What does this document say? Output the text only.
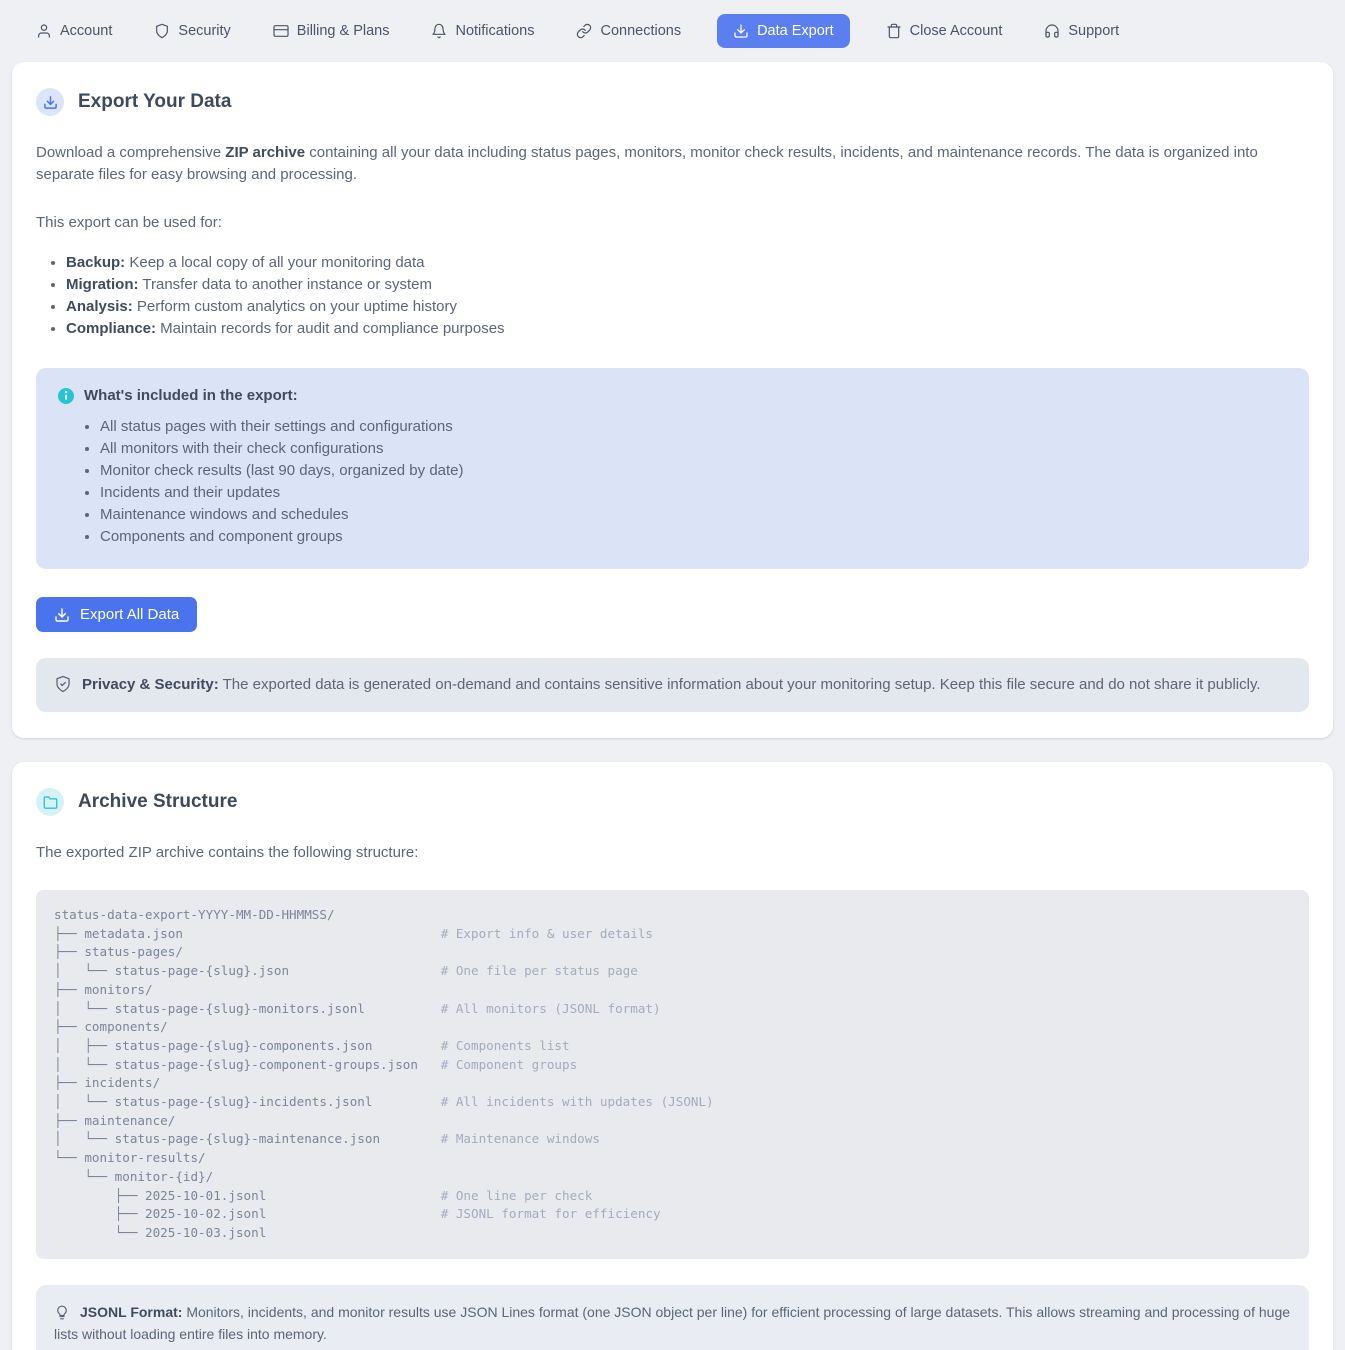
Account	Security	Billing & Plans	Notifications	Connections	Data Export	Close Account	Support
Export Your Data

Download a comprehensive ZIP archive containing all your data including status pages, monitors, monitor check results, incidents, and maintenance records. The data is organized into separate files for easy browsing and processing.

This export can be used for:

• Backup: Keep a local copy of all your monitoring data
• Migration: Transfer data to another instance or system
• Analysis: Perform custom analytics on your uptime history
• Compliance: Maintain records for audit and compliance purposes
What's included in the export:
• All status pages with their settings and configurations
• All monitors with their check configurations
• Monitor check results (last 90 days, organized by date)
• Incidents and their updates
• Maintenance windows and schedules
• Components and component groups
Export All Data
Privacy & Security: The exported data is generated on-demand and contains sensitive information about your monitoring setup. Keep this file secure and do not share it publicly.
Archive Structure

The exported ZIP archive contains the following structure:

status-data-export-YYYY-MM-DD-HHMMSS/
├── metadata.json                                  # Export info & user details
├── status-pages/
│   └── status-page-{slug}.json                    # One file per status page
├── monitors/
│   └── status-page-{slug}-monitors.jsonl          # All monitors (JSONL format)
├── components/
│   ├── status-page-{slug}-components.json         # Components list
│   └── status-page-{slug}-component-groups.json   # Component groups
├── incidents/
│   └── status-page-{slug}-incidents.jsonl         # All incidents with updates (JSONL)
├── maintenance/
│   └── status-page-{slug}-maintenance.json        # Maintenance windows
└── monitor-results/
└── monitor-{id}/
├── 2025-10-01.jsonl                       # One line per check
├── 2025-10-02.jsonl                       # JSONL format for efficiency
└── 2025-10-03.jsonl
JSONL Format: Monitors, incidents, and monitor results use JSON Lines format (one JSON object per line) for efficient processing of large datasets. This allows streaming and processing of huge lists without loading entire files into memory.
